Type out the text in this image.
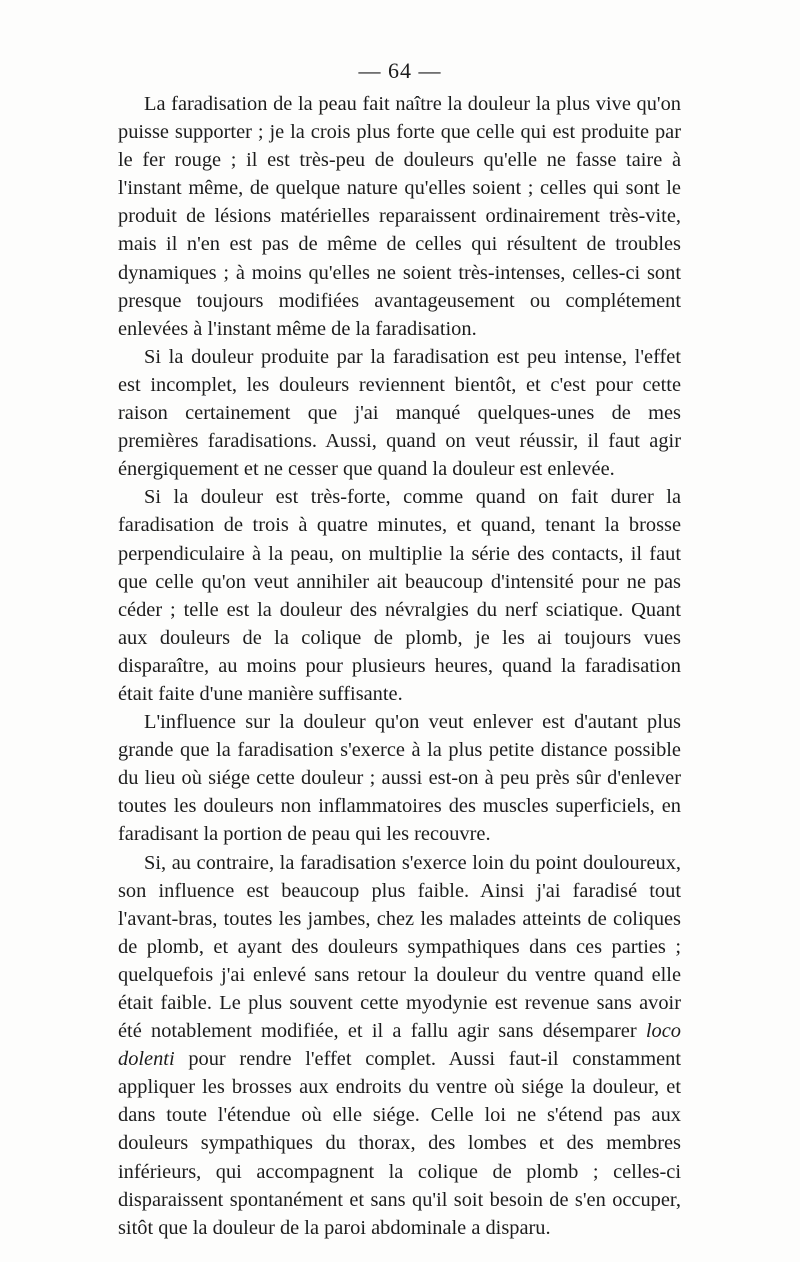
— 64 —

La faradisation de la peau fait naître la douleur la plus vive qu'on puisse supporter ; je la crois plus forte que celle qui est produite par le fer rouge ; il est très-peu de douleurs qu'elle ne fasse taire à l'instant même, de quelque nature qu'elles soient ; celles qui sont le produit de lésions matérielles reparaissent ordinairement très-vite, mais il n'en est pas de même de celles qui résultent de troubles dynamiques ; à moins qu'elles ne soient très-intenses, celles-ci sont presque toujours modifiées avantageusement ou complétement enlevées à l'instant même de la faradisation.

Si la douleur produite par la faradisation est peu intense, l'effet est incomplet, les douleurs reviennent bientôt, et c'est pour cette raison certainement que j'ai manqué quelques-unes de mes premières faradisations. Aussi, quand on veut réussir, il faut agir énergiquement et ne cesser que quand la douleur est enlevée.

Si la douleur est très-forte, comme quand on fait durer la faradisation de trois à quatre minutes, et quand, tenant la brosse perpendiculaire à la peau, on multiplie la série des contacts, il faut que celle qu'on veut annihiler ait beaucoup d'intensité pour ne pas céder ; telle est la douleur des névralgies du nerf sciatique. Quant aux douleurs de la colique de plomb, je les ai toujours vues disparaître, au moins pour plusieurs heures, quand la faradisation était faite d'une manière suffisante.

L'influence sur la douleur qu'on veut enlever est d'autant plus grande que la faradisation s'exerce à la plus petite distance possible du lieu où siége cette douleur ; aussi est-on à peu près sûr d'enlever toutes les douleurs non inflammatoires des muscles superficiels, en faradisant la portion de peau qui les recouvre.

Si, au contraire, la faradisation s'exerce loin du point douloureux, son influence est beaucoup plus faible. Ainsi j'ai faradisé tout l'avant-bras, toutes les jambes, chez les malades atteints de coliques de plomb, et ayant des douleurs sympathiques dans ces parties ; quelquefois j'ai enlevé sans retour la douleur du ventre quand elle était faible. Le plus souvent cette myodynie est revenue sans avoir été notablement modifiée, et il a fallu agir sans désemparer loco dolenti pour rendre l'effet complet. Aussi faut-il constamment appliquer les brosses aux endroits du ventre où siége la douleur, et dans toute l'étendue où elle siége. Celle loi ne s'étend pas aux douleurs sympathiques du thorax, des lombes et des membres inférieurs, qui accompagnent la colique de plomb ; celles-ci disparaissent spontanément et sans qu'il soit besoin de s'en occuper, sitôt que la douleur de la paroi abdominale a disparu.
